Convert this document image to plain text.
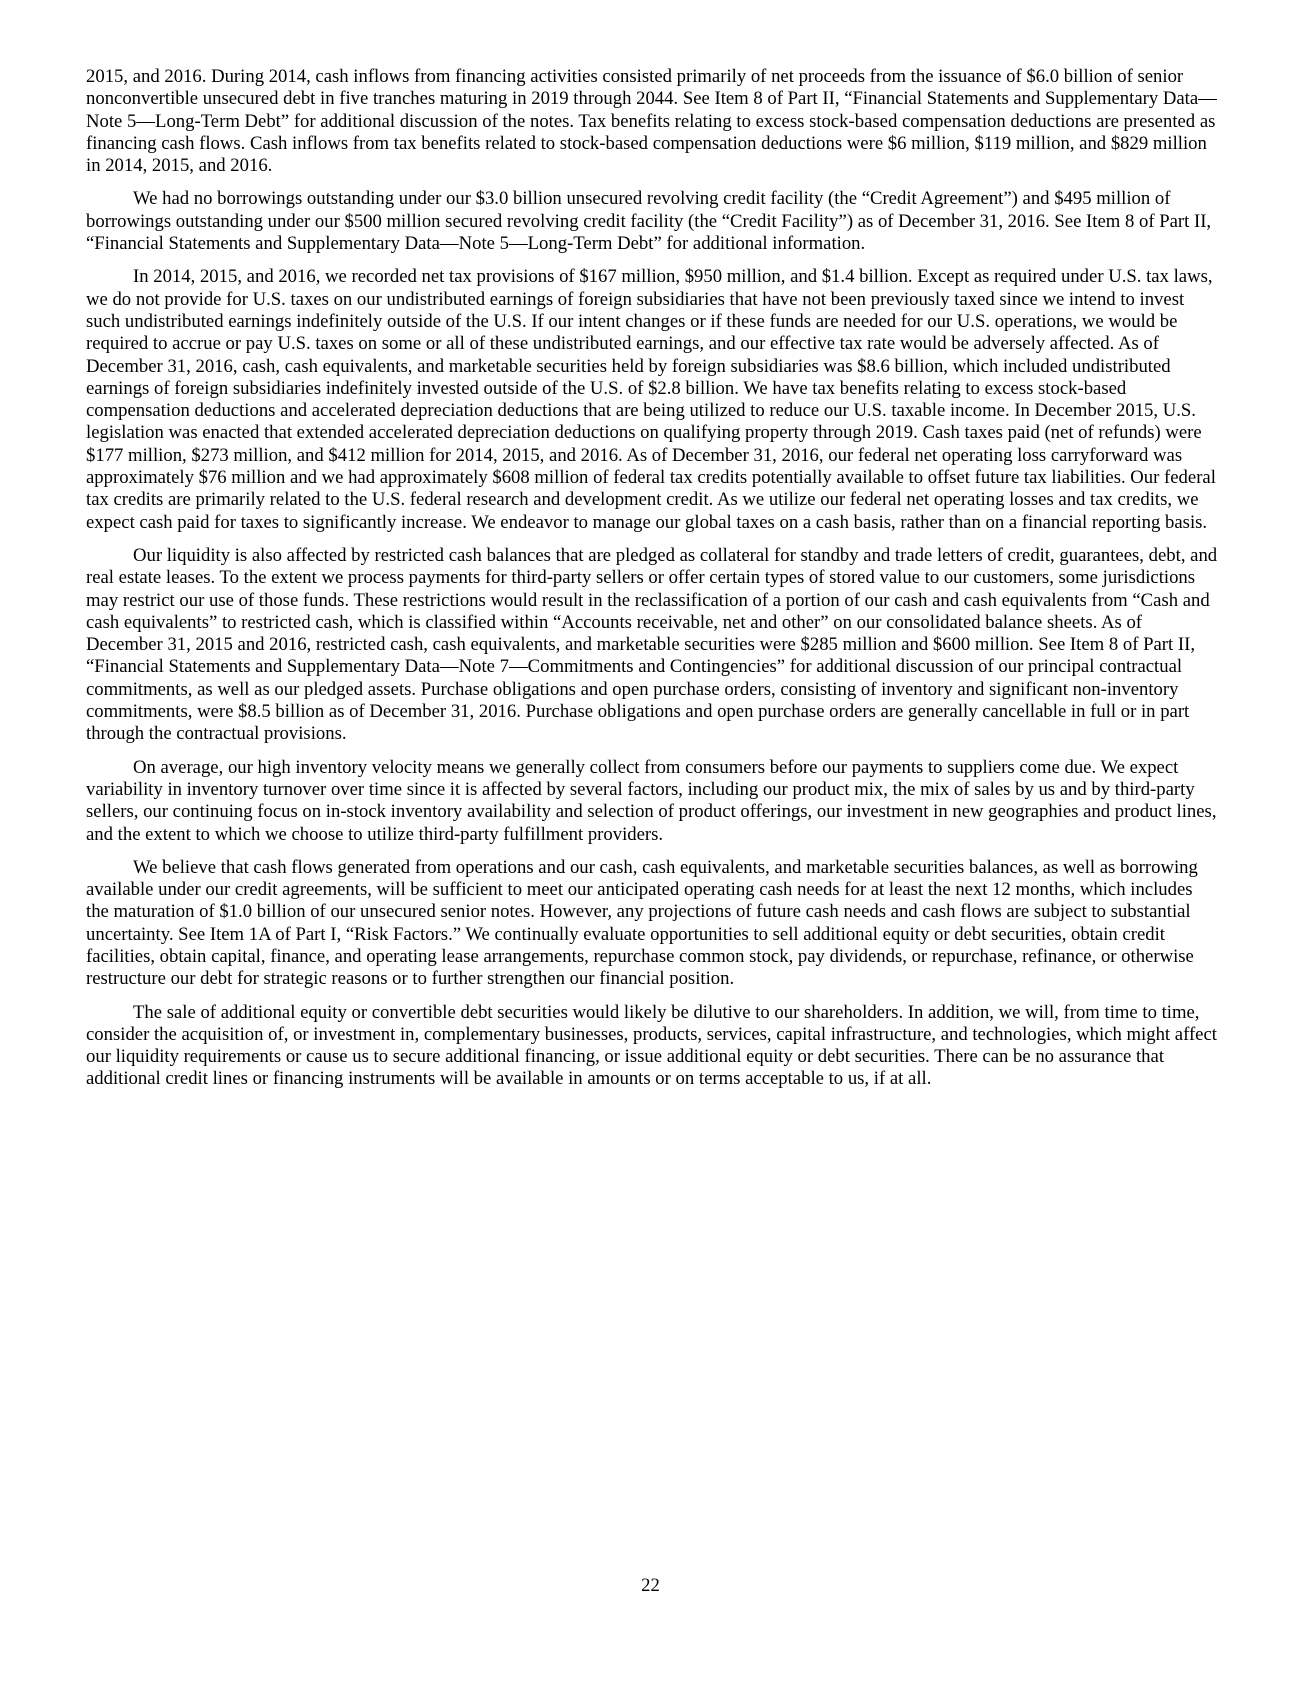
2015, and 2016. During 2014, cash inflows from financing activities consisted primarily of net proceeds from the issuance of $6.0 billion of senior nonconvertible unsecured debt in five tranches maturing in 2019 through 2044. See Item 8 of Part II, “Financial Statements and Supplementary Data—Note 5—Long-Term Debt” for additional discussion of the notes. Tax benefits relating to excess stock-based compensation deductions are presented as financing cash flows. Cash inflows from tax benefits related to stock-based compensation deductions were $6 million, $119 million, and $829 million in 2014, 2015, and 2016.

We had no borrowings outstanding under our $3.0 billion unsecured revolving credit facility (the “Credit Agreement”) and $495 million of borrowings outstanding under our $500 million secured revolving credit facility (the “Credit Facility”) as of December 31, 2016. See Item 8 of Part II, “Financial Statements and Supplementary Data—Note 5—Long-Term Debt” for additional information.

In 2014, 2015, and 2016, we recorded net tax provisions of $167 million, $950 million, and $1.4 billion. Except as required under U.S. tax laws, we do not provide for U.S. taxes on our undistributed earnings of foreign subsidiaries that have not been previously taxed since we intend to invest such undistributed earnings indefinitely outside of the U.S. If our intent changes or if these funds are needed for our U.S. operations, we would be required to accrue or pay U.S. taxes on some or all of these undistributed earnings, and our effective tax rate would be adversely affected. As of December 31, 2016, cash, cash equivalents, and marketable securities held by foreign subsidiaries was $8.6 billion, which included undistributed earnings of foreign subsidiaries indefinitely invested outside of the U.S. of $2.8 billion. We have tax benefits relating to excess stock-based compensation deductions and accelerated depreciation deductions that are being utilized to reduce our U.S. taxable income. In December 2015, U.S. legislation was enacted that extended accelerated depreciation deductions on qualifying property through 2019. Cash taxes paid (net of refunds) were $177 million, $273 million, and $412 million for 2014, 2015, and 2016. As of December 31, 2016, our federal net operating loss carryforward was approximately $76 million and we had approximately $608 million of federal tax credits potentially available to offset future tax liabilities. Our federal tax credits are primarily related to the U.S. federal research and development credit. As we utilize our federal net operating losses and tax credits, we expect cash paid for taxes to significantly increase. We endeavor to manage our global taxes on a cash basis, rather than on a financial reporting basis.

Our liquidity is also affected by restricted cash balances that are pledged as collateral for standby and trade letters of credit, guarantees, debt, and real estate leases. To the extent we process payments for third-party sellers or offer certain types of stored value to our customers, some jurisdictions may restrict our use of those funds. These restrictions would result in the reclassification of a portion of our cash and cash equivalents from “Cash and cash equivalents” to restricted cash, which is classified within “Accounts receivable, net and other” on our consolidated balance sheets. As of December 31, 2015 and 2016, restricted cash, cash equivalents, and marketable securities were $285 million and $600 million. See Item 8 of Part II, “Financial Statements and Supplementary Data—Note 7—Commitments and Contingencies” for additional discussion of our principal contractual commitments, as well as our pledged assets. Purchase obligations and open purchase orders, consisting of inventory and significant non-inventory commitments, were $8.5 billion as of December 31, 2016. Purchase obligations and open purchase orders are generally cancellable in full or in part through the contractual provisions.

On average, our high inventory velocity means we generally collect from consumers before our payments to suppliers come due. We expect variability in inventory turnover over time since it is affected by several factors, including our product mix, the mix of sales by us and by third-party sellers, our continuing focus on in-stock inventory availability and selection of product offerings, our investment in new geographies and product lines, and the extent to which we choose to utilize third-party fulfillment providers.

We believe that cash flows generated from operations and our cash, cash equivalents, and marketable securities balances, as well as borrowing available under our credit agreements, will be sufficient to meet our anticipated operating cash needs for at least the next 12 months, which includes the maturation of $1.0 billion of our unsecured senior notes. However, any projections of future cash needs and cash flows are subject to substantial uncertainty. See Item 1A of Part I, “Risk Factors.” We continually evaluate opportunities to sell additional equity or debt securities, obtain credit facilities, obtain capital, finance, and operating lease arrangements, repurchase common stock, pay dividends, or repurchase, refinance, or otherwise restructure our debt for strategic reasons or to further strengthen our financial position.

The sale of additional equity or convertible debt securities would likely be dilutive to our shareholders. In addition, we will, from time to time, consider the acquisition of, or investment in, complementary businesses, products, services, capital infrastructure, and technologies, which might affect our liquidity requirements or cause us to secure additional financing, or issue additional equity or debt securities. There can be no assurance that additional credit lines or financing instruments will be available in amounts or on terms acceptable to us, if at all.

22
